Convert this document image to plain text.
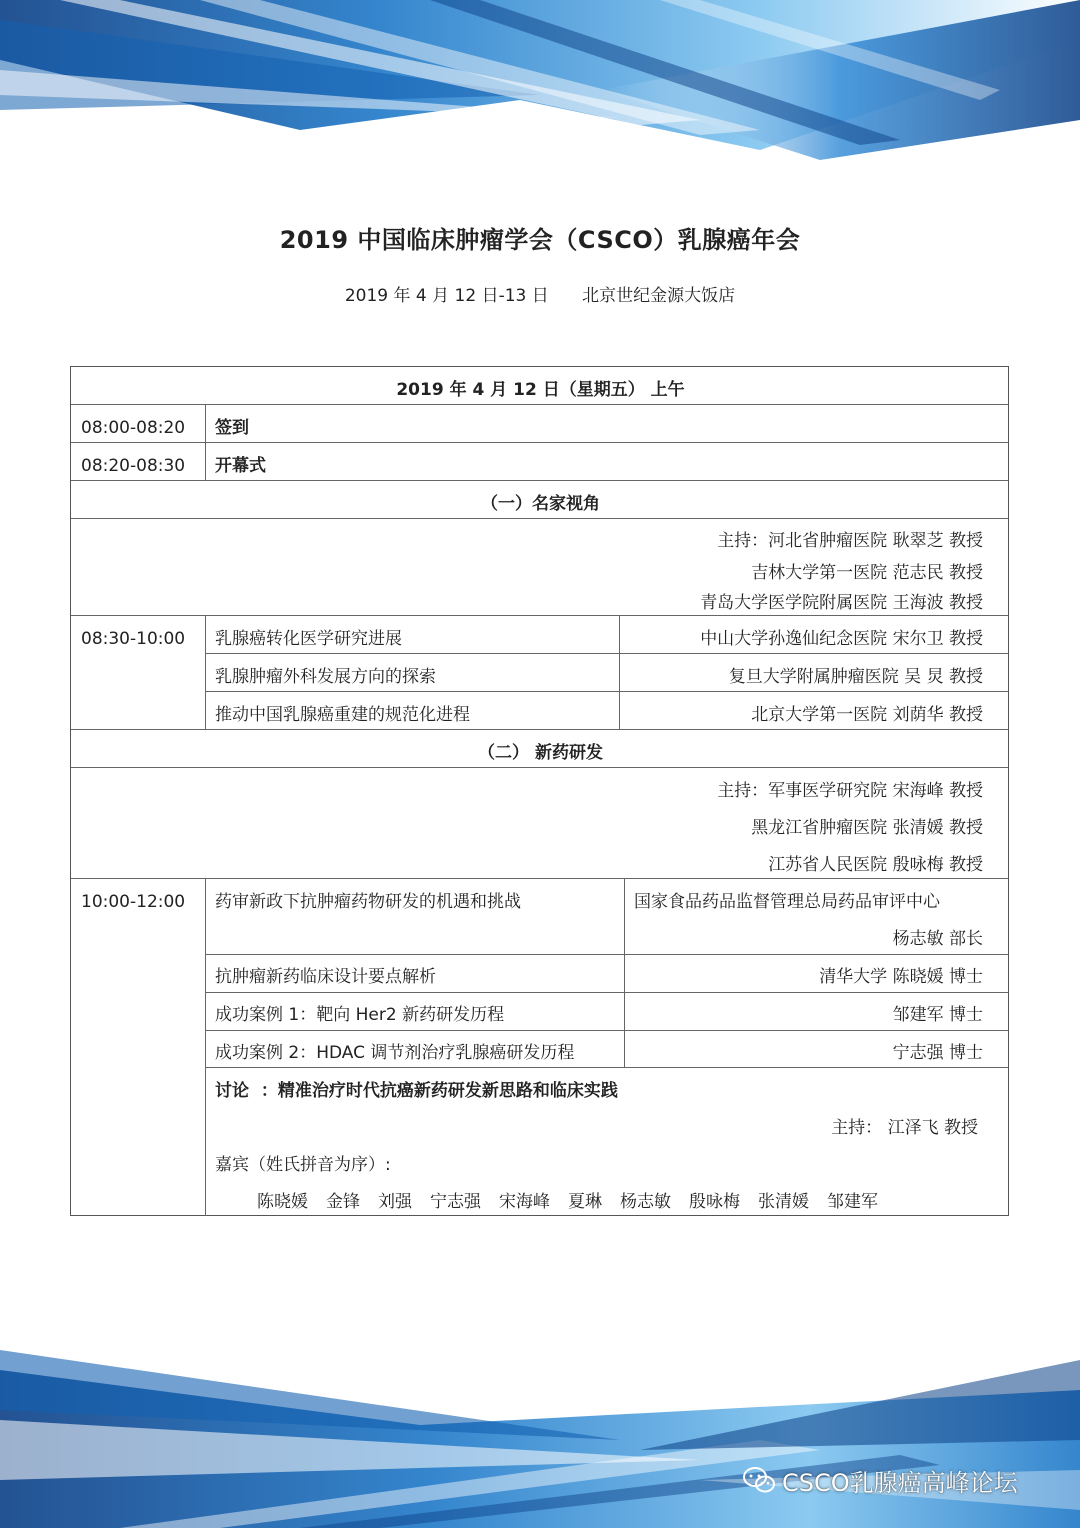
2019 中国临床肿瘤学会（CSCO）乳腺癌年会
2019 年 4 月 12 日-13 日 北京世纪金源大饭店
2019 年 4 月 12 日（星期五） 上午
08:00-08:20 签到
08:20-08:30 开幕式
（一）名家视角
主持：河北省肿瘤医院 耿翠芝 教授
吉林大学第一医院 范志民 教授
青岛大学医学院附属医院 王海波 教授
08:30-10:00 乳腺癌转化医学研究进展	中山大学孙逸仙纪念医院 宋尔卫 教授
乳腺肿瘤外科发展方向的探索	复旦大学附属肿瘤医院 吴 炅 教授
推动中国乳腺癌重建的规范化进程	北京大学第一医院 刘荫华 教授
（二） 新药研发
主持：军事医学研究院 宋海峰 教授
黑龙江省肿瘤医院 张清媛 教授
江苏省人民医院 殷咏梅 教授
10:00-12:00 药审新政下抗肿瘤药物研发的机遇和挑战	国家食品药品监督管理总局药品审评中心
杨志敏 部长
抗肿瘤新药临床设计要点解析	清华大学 陈晓媛 博士
成功案例 1：靶向 Her2 新药研发历程	邹建军 博士
成功案例 2：HDAC 调节剂治疗乳腺癌研发历程	宁志强 博士
讨论 ：精准治疗时代抗癌新药研发新思路和临床实践
主持： 江泽飞 教授
嘉宾（姓氏拼音为序）:
陈晓媛 金锋 刘强 宁志强 宋海峰 夏琳 杨志敏 殷咏梅 张清媛 邹建军
CSCO乳腺癌高峰论坛
